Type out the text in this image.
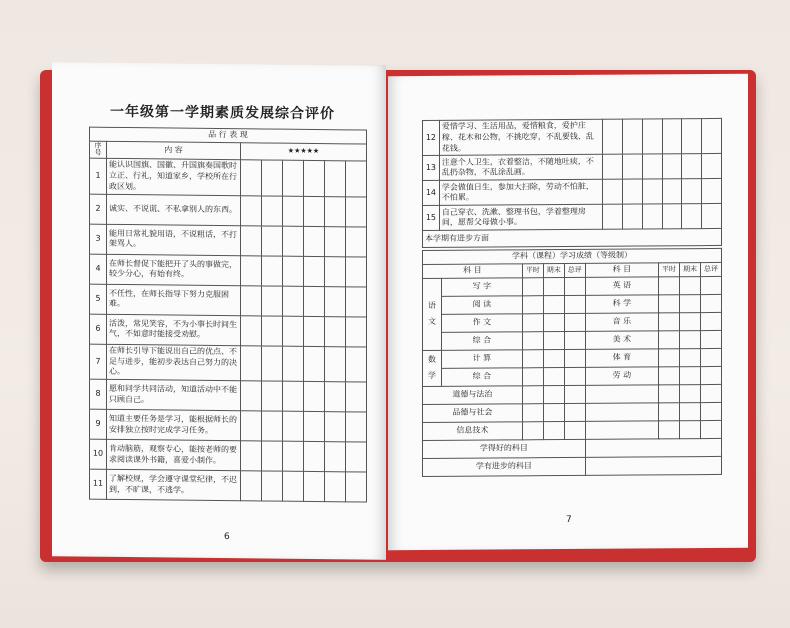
一年级第一学期素质发展综合评价
品 行 表 现							
序号	内 容	★★★★★					
1	能认识国旗、国徽、升国旗奏国歌时立正、行礼，知道家乡，学校所在行政区划。						
2	诚实、不说谎、不私拿别人的东西。						
3	能用日常礼貌用语，不说粗话，不打架骂人。						
4	在师长督促下能把开了头的事做完，较少分心，有始有终。						
5	不任性，在师长指导下努力克服困难。						
6	活泼，常见笑容，不为小事长时间生气，不如意时能接受劝慰。						
7	在师长引导下能说出自己的优点、不足与进步，能初步表达自己努力的决心。						
8	愿和同学共同活动，知道活动中不能只顾自己。						
9	知道主要任务是学习，能根据师长的安排独立按时完成学习任务。						
10	肯动脑筋，观察专心，能按老师的要求阅读课外书籍，喜爱小制作。						
11	了解校规，学会遵守课堂纪律，不迟到，不旷课，不逃学。						
6
12	爱惜学习、生活用品，爱惜粮食，爱护庄稼、花木和公物，不挑吃穿，不乱要钱、乱花钱。						
13	注意个人卫生，衣着整洁，不随地吐痰，不乱扔杂物，不乱涂乱画。						
14	学会做值日生，参加大扫除，劳动不怕脏，不怕累。						
15	自己穿衣、洗漱、整理书包，学着整理房间，愿帮父母做小事。						
本学期有进步方面							
学科（课程）学习成绩（等级制）								
科 目		平时	期末	总评	科 目	平时	期末	总评
语文	写 字				英 语			
	阅 读				科 学			
	作 文				音 乐			
	综 合				美 术			
数学	计 算				体 育			
	综 合				劳 动			
道德与法治								
品德与社会								
信息技术								
学得好的科目								
学有进步的科目								
7
